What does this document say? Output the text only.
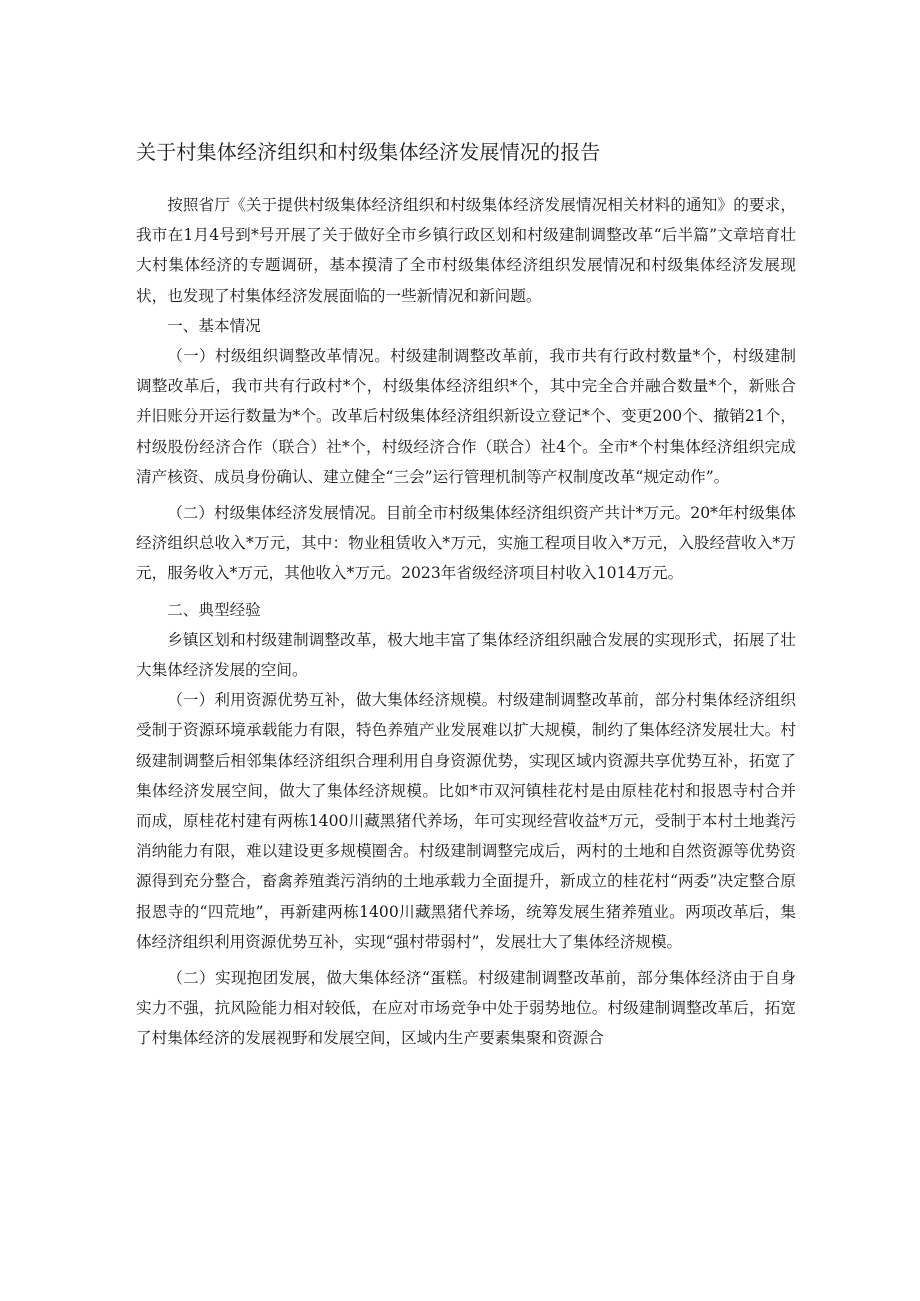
关于村集体经济组织和村级集体经济发展情况的报告

按照省厅《关于提供村级集体经济组织和村级集体经济发展情况相关材料的通知》的要求，我市在1月4号到*号开展了关于做好全市乡镇行政区划和村级建制调整改革“后半篇”文章培育壮大村集体经济的专题调研，基本摸清了全市村级集体经济组织发展情况和村级集体经济发展现状，也发现了村集体经济发展面临的一些新情况和新问题。

一、基本情况

（一）村级组织调整改革情况。村级建制调整改革前，我市共有行政村数量*个，村级建制调整改革后，我市共有行政村*个，村级集体经济组织*个，其中完全合并融合数量*个，新账合并旧账分开运行数量为*个。改革后村级集体经济组织新设立登记*个、变更200个、撤销21个，村级股份经济合作（联合）社*个，村级经济合作（联合）社4个。全市*个村集体经济组织完成清产核资、成员身份确认、建立健全“三会”运行管理机制等产权制度改革“规定动作”。

（二）村级集体经济发展情况。目前全市村级集体经济组织资产共计*万元。20*年村级集体经济组织总收入*万元，其中：物业租赁收入*万元，实施工程项目收入*万元，入股经营收入*万元，服务收入*万元，其他收入*万元。2023年省级经济项目村收入1014万元。

二、典型经验

乡镇区划和村级建制调整改革，极大地丰富了集体经济组织融合发展的实现形式，拓展了壮大集体经济发展的空间。

（一）利用资源优势互补，做大集体经济规模。村级建制调整改革前，部分村集体经济组织受制于资源环境承载能力有限，特色养殖产业发展难以扩大规模，制约了集体经济发展壮大。村级建制调整后相邻集体经济组织合理利用自身资源优势，实现区域内资源共享优势互补，拓宽了集体经济发展空间，做大了集体经济规模。比如*市双河镇桂花村是由原桂花村和报恩寺村合并而成，原桂花村建有两栋1400川藏黑猪代养场，年可实现经营收益*万元，受制于本村土地粪污消纳能力有限，难以建设更多规模圈舍。村级建制调整完成后，两村的土地和自然资源等优势资源得到充分整合，畜禽养殖粪污消纳的土地承载力全面提升，新成立的桂花村“两委”决定整合原报恩寺的“四荒地”，再新建两栋1400川藏黑猪代养场，统筹发展生猪养殖业。两项改革后，集体经济组织利用资源优势互补，实现“强村带弱村”，发展壮大了集体经济规模。

（二）实现抱团发展，做大集体经济“蛋糕。村级建制调整改革前，部分集体经济由于自身实力不强，抗风险能力相对较低，在应对市场竞争中处于弱势地位。村级建制调整改革后，拓宽了村集体经济的发展视野和发展空间，区域内生产要素集聚和资源合
